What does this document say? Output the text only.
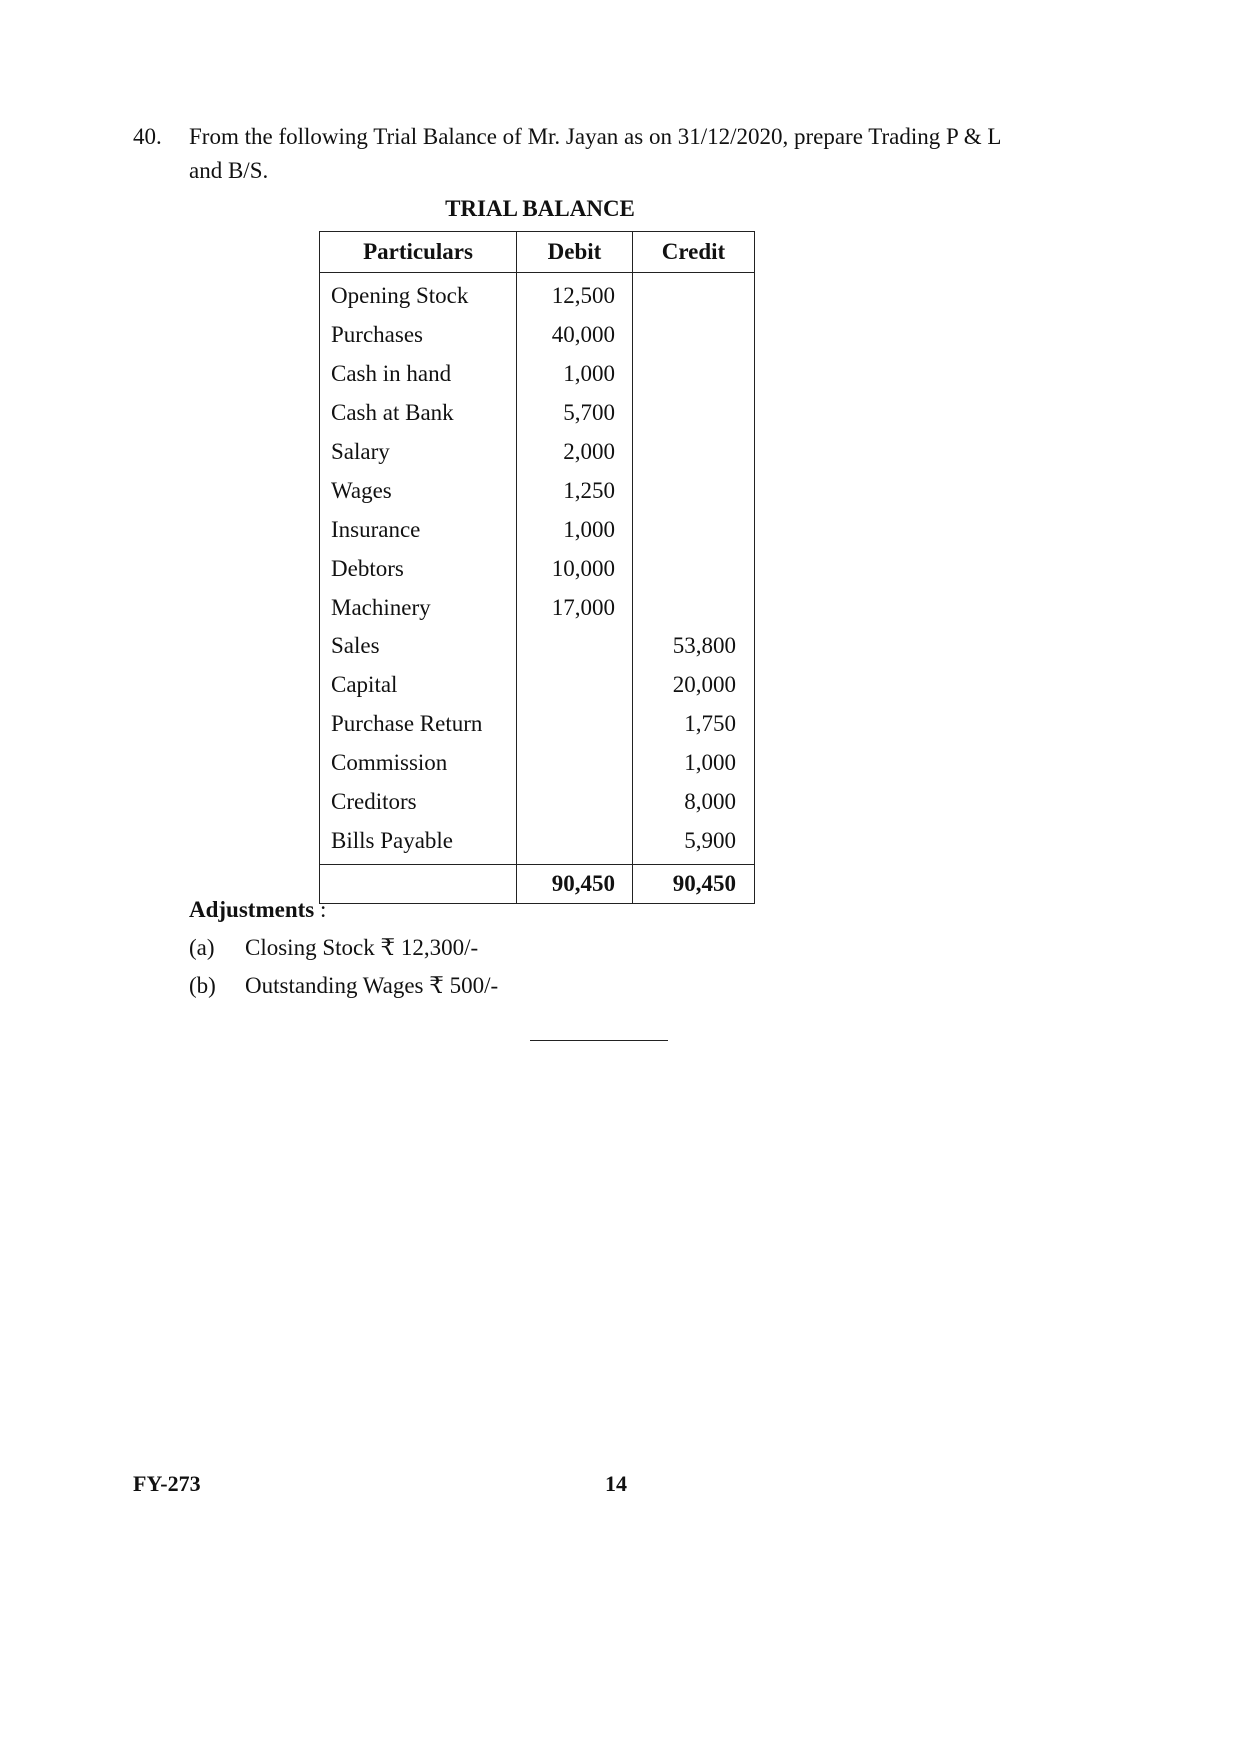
40. From the following Trial Balance of Mr. Jayan as on 31/12/2020, prepare Trading P & L
and B/S.
TRIAL BALANCE
Particulars	Debit	Credit
Opening Stock	12,500	
Purchases	40,000	
Cash in hand	1,000	
Cash at Bank	5,700	
Salary	2,000	
Wages	1,250	
Insurance	1,000	
Debtors	10,000	
Machinery	17,000	
Sales		53,800
Capital		20,000
Purchase Return		1,750
Commission		1,000
Creditors		8,000
Bills Payable		5,900
	90,450	90,450
Adjustments :
(a) Closing Stock ₹ 12,300/-
(b) Outstanding Wages ₹ 500/-
FY-273	14
